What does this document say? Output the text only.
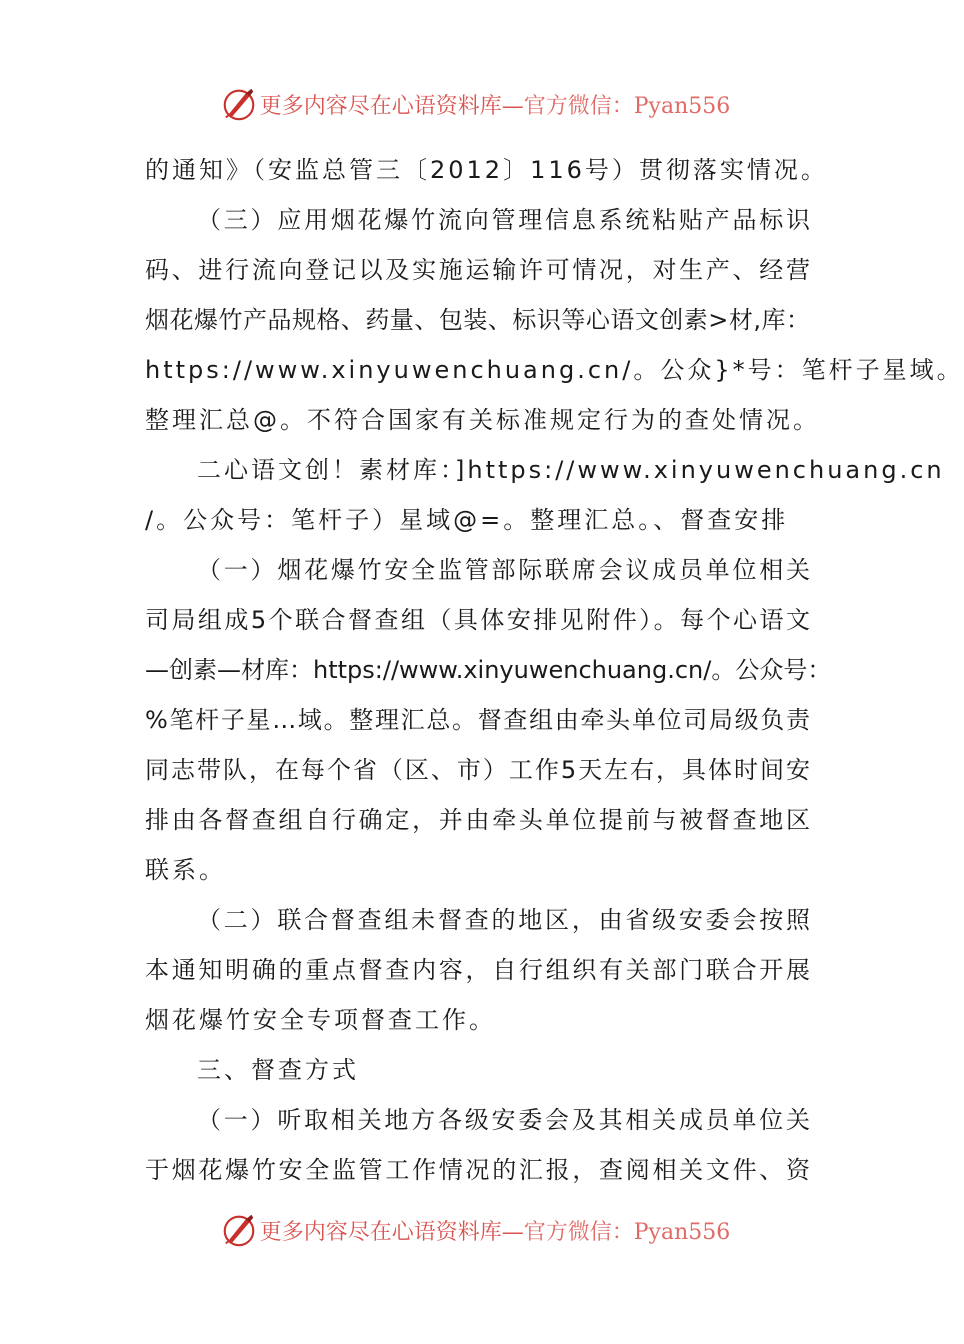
更多内容尽在心语资料库—官方微信：Pyan556
的通知》（安监总管三〔2012〕116号）贯彻落实情况。
（三）应用烟花爆竹流向管理信息系统粘贴产品标识
码、进行流向登记以及实施运输许可情况，对生产、经营
烟花爆竹产品规格、药量、包装、标识等心语文创素>材,库：
https://www.xinyuwenchuang.cn/。公众}*号：笔杆子星域。
整理汇总@。不符合国家有关标准规定行为的查处情况。
二心语文创！素材库：]https://www.xinyuwenchuang.cn
/。公众号：笔杆子）星域@=。整理汇总。、督查安排
（一）烟花爆竹安全监管部际联席会议成员单位相关
司局组成5个联合督查组（具体安排见附件）。每个心语文
—创素—材库：https://www.xinyuwenchuang.cn/。公众号：
%笔杆子星…域。整理汇总。督查组由牵头单位司局级负责
同志带队，在每个省（区、市）工作5天左右，具体时间安
排由各督查组自行确定，并由牵头单位提前与被督查地区
联系。
（二）联合督查组未督查的地区，由省级安委会按照
本通知明确的重点督查内容，自行组织有关部门联合开展
烟花爆竹安全专项督查工作。
三、督查方式
（一）听取相关地方各级安委会及其相关成员单位关
于烟花爆竹安全监管工作情况的汇报，查阅相关文件、资
更多内容尽在心语资料库—官方微信：Pyan556
